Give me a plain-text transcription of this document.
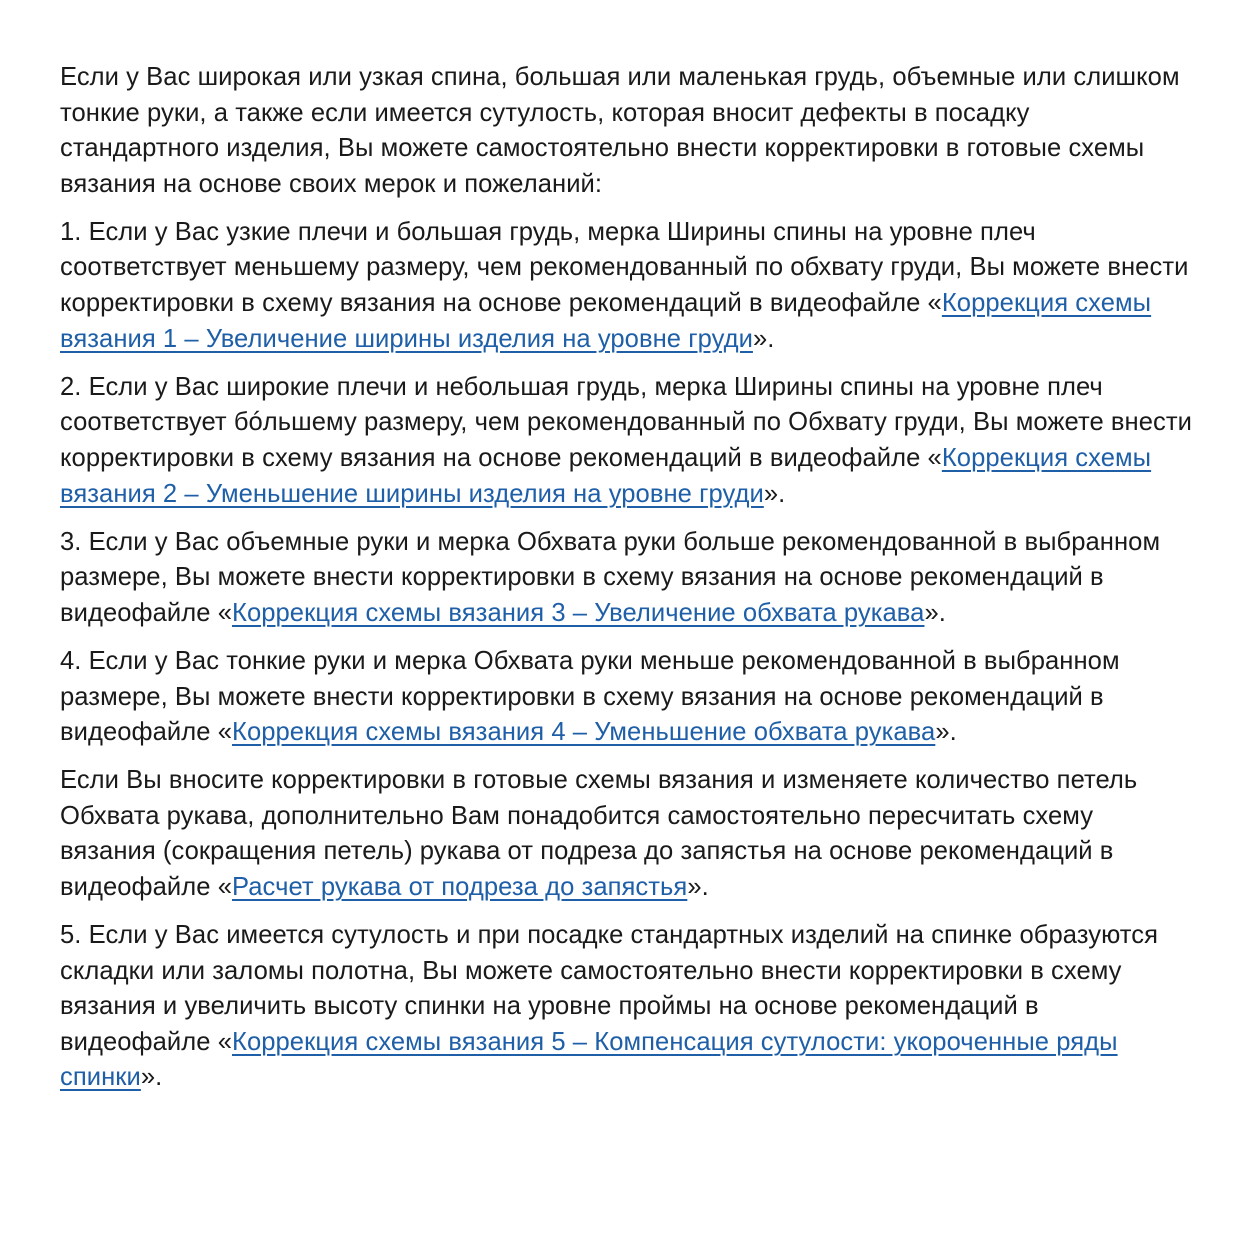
Если у Вас широкая или узкая спина, большая или маленькая грудь, объемные или слишком тонкие руки, а также если имеется сутулость, которая вносит дефекты в посадку стандартного изделия, Вы можете самостоятельно внести корректировки в готовые схемы вязания на основе своих мерок и пожеланий:

1. Если у Вас узкие плечи и большая грудь, мерка Ширины спины на уровне плеч соответствует меньшему размеру, чем рекомендованный по обхвату груди, Вы можете внести корректировки в схему вязания на основе рекомендаций в видеофайле «Коррекция схемы вязания 1 – Увеличение ширины изделия на уровне груди».

2. Если у Вас широкие плечи и небольшая грудь, мерка Ширины спины на уровне плеч соответствует бóльшему размеру, чем рекомендованный по Обхвату груди, Вы можете внести корректировки в схему вязания на основе рекомендаций в видеофайле «Коррекция схемы вязания 2 – Уменьшение ширины изделия на уровне груди».

3. Если у Вас объемные руки и мерка Обхвата руки больше рекомендованной в выбранном размере, Вы можете внести корректировки в схему вязания на основе рекомендаций в видеофайле «Коррекция схемы вязания 3 – Увеличение обхвата рукава».

4. Если у Вас тонкие руки и мерка Обхвата руки меньше рекомендованной в выбранном размере, Вы можете внести корректировки в схему вязания на основе рекомендаций в видеофайле «Коррекция схемы вязания 4 – Уменьшение обхвата рукава».

Если Вы вносите корректировки в готовые схемы вязания и изменяете количество петель Обхвата рукава, дополнительно Вам понадобится самостоятельно пересчитать схему вязания (сокращения петель) рукава от подреза до запястья на основе рекомендаций в видеофайле «Расчет рукава от подреза до запястья».

5. Если у Вас имеется сутулость и при посадке стандартных изделий на спинке образуются складки или заломы полотна, Вы можете самостоятельно внести корректировки в схему вязания и увеличить высоту спинки на уровне проймы на основе рекомендаций в видеофайле «Коррекция схемы вязания 5 – Компенсация сутулости: укороченные ряды спинки».
